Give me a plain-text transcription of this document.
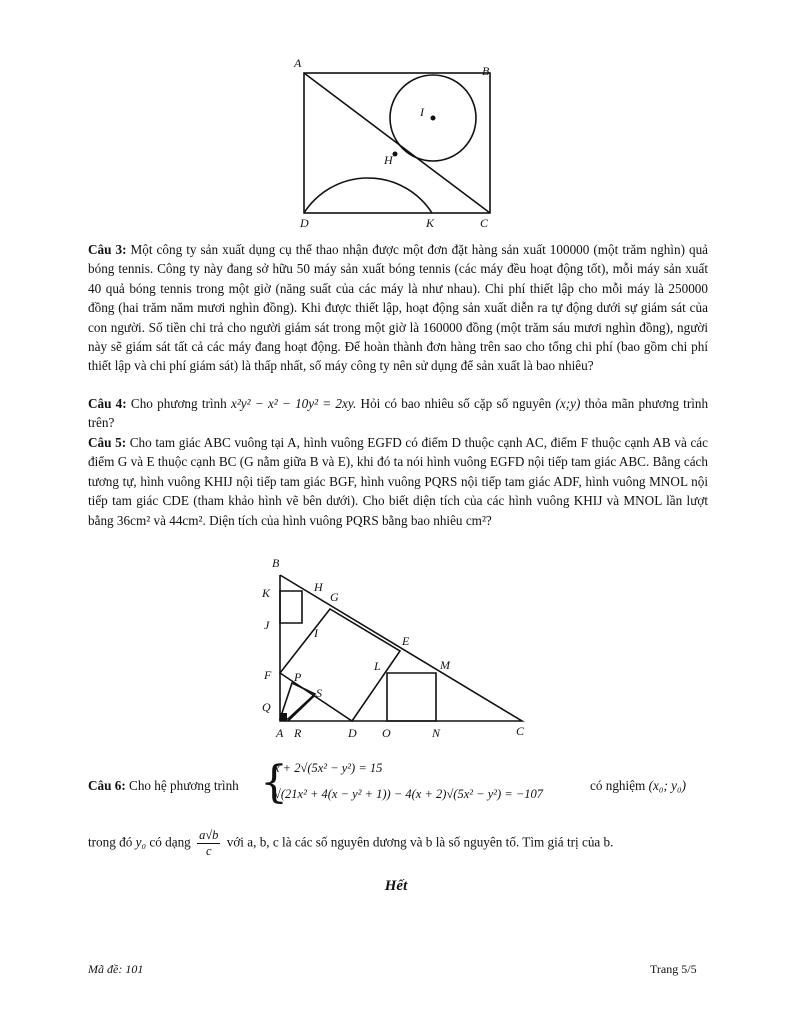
A
B
C
D
H
I
K

Câu 3: Một công ty sản xuất dụng cụ thể thao nhận được một đơn đặt hàng sản xuất 100000 (một trăm nghìn) quả bóng tennis. Công ty này đang sở hữu 50 máy sản xuất bóng tennis (các máy đều hoạt động tốt), mỗi máy sản xuất 40 quả bóng tennis trong một giờ (năng suất của các máy là như nhau). Chi phí thiết lập cho mỗi máy là 250000 đồng (hai trăm năm mươi nghìn đồng). Khi được thiết lập, hoạt động sản xuất diễn ra tự động dưới sự giám sát của con người. Số tiền chi trả cho người giám sát trong một giờ là 160000 đồng (một trăm sáu mươi nghìn đồng), người này sẽ giám sát tất cả các máy đang hoạt động. Để hoàn thành đơn hàng trên sao cho tổng chi phí (bao gồm chi phí thiết lập và chi phí giám sát) là thấp nhất, số máy công ty nên sử dụng để sản xuất là bao nhiêu?

Câu 4: Cho phương trình x²y² − x² − 10y² = 2xy. Hỏi có bao nhiêu số cặp số nguyên (x;y) thỏa mãn phương trình trên?

Câu 5: Cho tam giác ABC vuông tại A, hình vuông EGFD có điểm D thuộc cạnh AC, điểm F thuộc cạnh AB và các điểm G và E thuộc cạnh BC (G nằm giữa B và E), khi đó ta nói hình vuông EGFD nội tiếp tam giác ABC. Bằng cách tương tự, hình vuông KHIJ nội tiếp tam giác BGF, hình vuông PQRS nội tiếp tam giác ADF, hình vuông MNOL nội tiếp tam giác CDE (tham khảo hình vẽ bên dưới). Cho biết diện tích của các hình vuông KHIJ và MNOL lần lượt bằng 36cm² và 44cm². Diện tích của hình vuông PQRS bằng bao nhiêu cm²?

B
K	H
G
J
I
E
L	M
F P
S
Q
A R	D O	N	C

Câu 6: Cho hệ phương trình {
x + 2√(5x² − y²) = 15
√(21x² + 4(x − y² + 1)) − 4(x + 2)√(5x² − y²) = −107

có nghiệm (x₀; y₀)

trong đó y₀ có dạng $\frac{a√b}{c}$ với a, b, c là các số nguyên dương và b là số nguyên tố. Tìm giá trị của b.

Hết
Mã đề: 101	Trang 5/5
